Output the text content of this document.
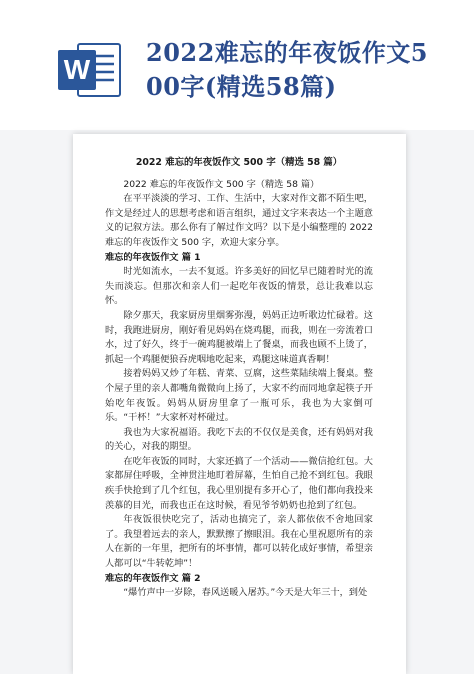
W
2022难忘的年夜饭作文5
00字(精选58篇)
2022 难忘的年夜饭作文 500 字（精选 58 篇）

2022 难忘的年夜饭作文 500 字（精选 58 篇）

在平平淡淡的学习、工作、生活中，大家对作文都不陌生吧，作文是经过人的思想考虑和语言组织，通过文字来表达一个主题意义的记叙方法。那么你有了解过作文吗？以下是小编整理的 2022 难忘的年夜饭作文 500 字，欢迎大家分享。

难忘的年夜饭作文 篇 1

时光如流水，一去不复返。许多美好的回忆早已随着时光的流失而淡忘。但那次和亲人们一起吃年夜饭的情景，总让我难以忘怀。

除夕那天，我家厨房里烟雾弥漫，妈妈正边听歌边忙碌着。这时，我跑进厨房，刚好看见妈妈在烧鸡腿，而我，则在一旁流着口水，过了好久，终于一碗鸡腿被端上了餐桌，而我也顾不上烫了，抓起一个鸡腿便狼吞虎咽地吃起来，鸡腿这味道真香啊！

接着妈妈又炒了年糕、青菜、豆腐，这些菜陆续端上餐桌。整个屋子里的亲人都嘴角微微向上扬了，大家不约而同地拿起筷子开始吃年夜饭。妈妈从厨房里拿了一瓶可乐，我也为大家倒可乐。“干杯！”大家杯对杯碰过。

我也为大家祝福语。我吃下去的不仅仅是美食，还有妈妈对我的关心，对我的期望。

在吃年夜饭的同时，大家还搞了一个活动——微信抢红包。大家都屏住呼吸，全神贯注地盯着屏幕，生怕自己抢不到红包。我眼疾手快抢到了几个红包，我心里别提有多开心了，他们都向我投来羡慕的目光，而我也正在这时候，看见爷爷奶奶也抢到了红包。

年夜饭很快吃完了，活动也搞完了，亲人都依依不舍地回家了。我望着远去的亲人，默默擦了擦眼泪。我在心里祝愿所有的亲人在新的一年里，把所有的坏事情，都可以转化成好事情，希望亲人都可以“牛转乾坤”！

难忘的年夜饭作文 篇 2

“爆竹声中一岁除，春风送暖入屠苏。”今天是大年三十，到处
